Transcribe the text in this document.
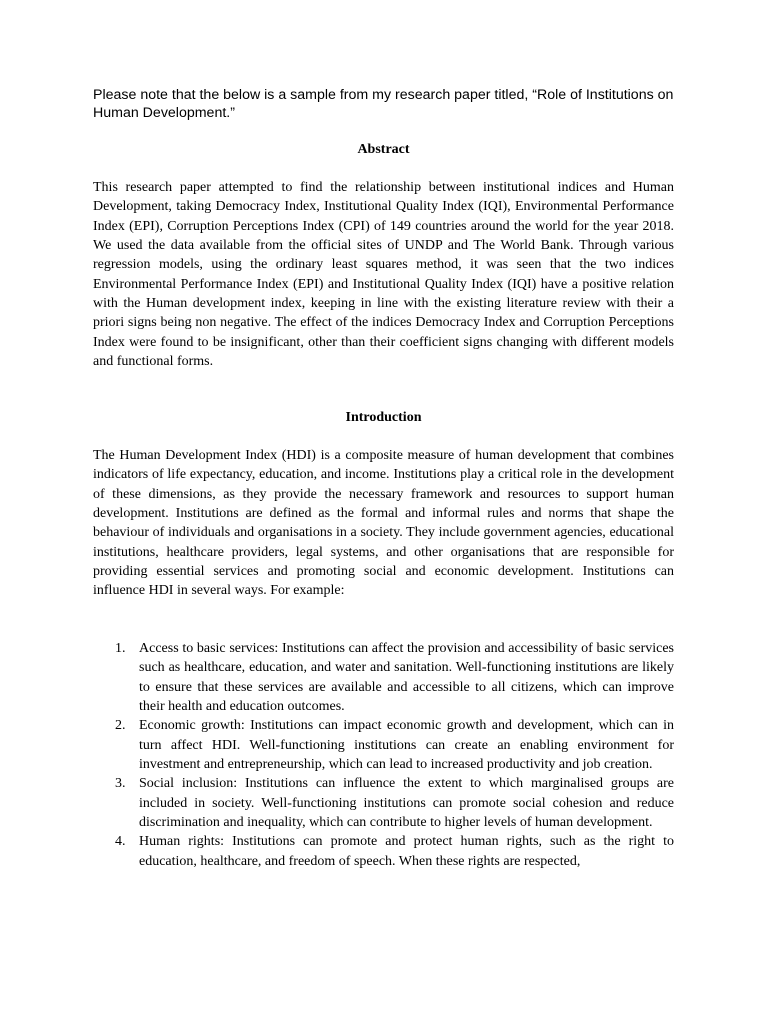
Please note that the below is a sample from my research paper titled, “Role of Institutions on Human Development.”

Abstract

This research paper attempted to find the relationship between institutional indices and Human Development, taking Democracy Index, Institutional Quality Index (IQI), Environmental Performance Index (EPI), Corruption Perceptions Index (CPI) of 149 countries around the world for the year 2018. We used the data available from the official sites of UNDP and The World Bank. Through various regression models, using the ordinary least squares method, it was seen that the two indices Environmental Performance Index (EPI) and Institutional Quality Index (IQI) have a positive relation with the Human development index, keeping in line with the existing literature review with their a priori signs being non negative. The effect of the indices Democracy Index and Corruption Perceptions Index were found to be insignificant, other than their coefficient signs changing with different models and functional forms.

Introduction

The Human Development Index (HDI) is a composite measure of human development that combines indicators of life expectancy, education, and income. Institutions play a critical role in the development of these dimensions, as they provide the necessary framework and resources to support human development. Institutions are defined as the formal and informal rules and norms that shape the behaviour of individuals and organisations in a society. They include government agencies, educational institutions, healthcare providers, legal systems, and other organisations that are responsible for providing essential services and promoting social and economic development. Institutions can influence HDI in several ways. For example:

1. Access to basic services: Institutions can affect the provision and accessibility of basic services such as healthcare, education, and water and sanitation. Well-functioning institutions are likely to ensure that these services are available and accessible to all citizens, which can improve their health and education outcomes.
2. Economic growth: Institutions can impact economic growth and development, which can in turn affect HDI. Well-functioning institutions can create an enabling environment for investment and entrepreneurship, which can lead to increased productivity and job creation.
3. Social inclusion: Institutions can influence the extent to which marginalised groups are included in society. Well-functioning institutions can promote social cohesion and reduce discrimination and inequality, which can contribute to higher levels of human development.
4. Human rights: Institutions can promote and protect human rights, such as the right to education, healthcare, and freedom of speech. When these rights are respected,
